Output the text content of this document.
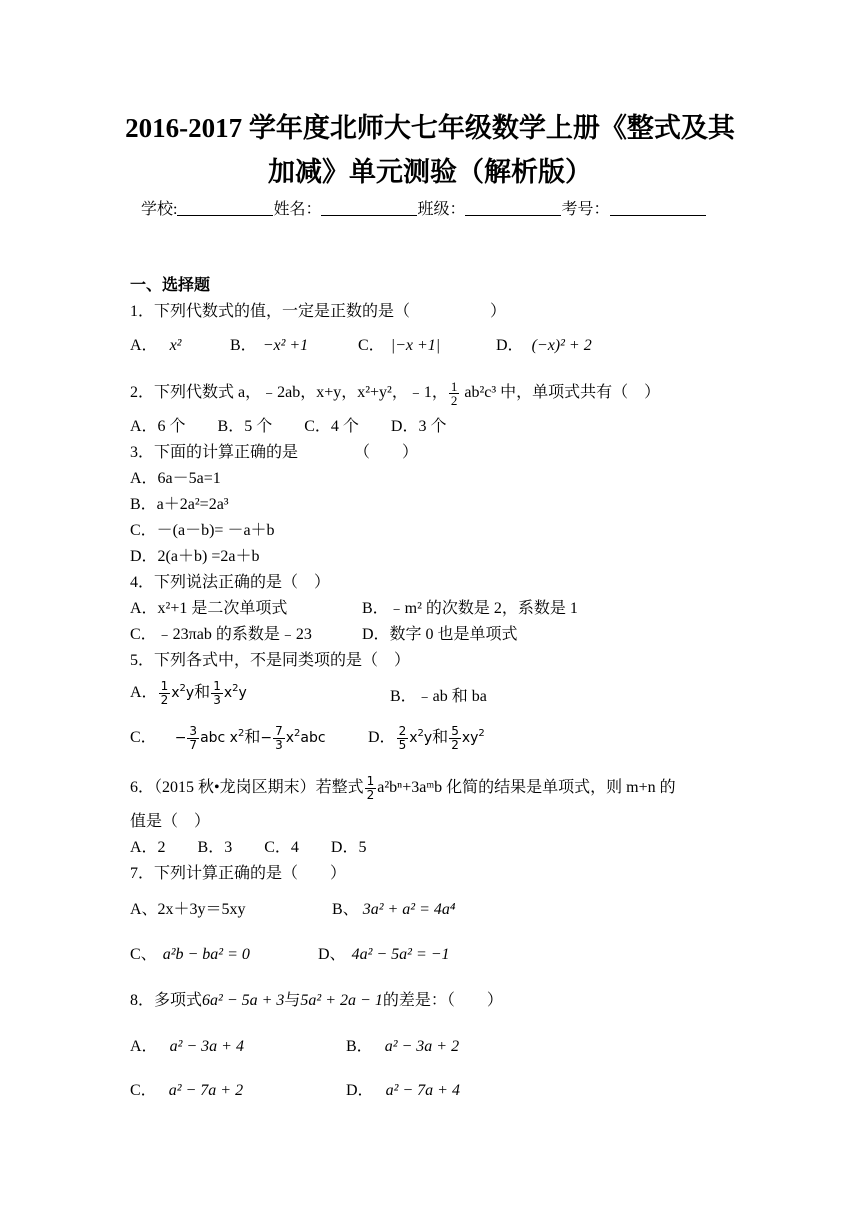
2016-2017 学年度北师大七年级数学上册《整式及其
加减》单元测验（解析版）
学校:	姓名：	班级：	考号：
一、选择题
1．下列代数式的值，一定是正数的是（　　　　　）
A． x²	B． −x² +1	C． |−x +1|	D． (−x)² + 2
2．下列代数式 a，﹣2ab，x+y，x²+y²，﹣1， $\frac{1}{2} ab^2c^3$ 中，单项式共有（　）
A．6 个　　B．5 个　　C．4 个　　D．3 个
3．下面的计算正确的是　　　　（　　）
A．6a－5a=1
B．a＋2a²=2a³
C．－(a－b)= －a＋b
D．2(a＋b) =2a＋b
4．下列说法正确的是（　）
A．x²+1 是二次单项式	B．﹣m² 的次数是 2，系数是 1
C．﹣23πab 的系数是﹣23	D．数字 0 也是单项式
5．下列各式中，不是同类项的是（　）
A． $\frac{1}{2} x^2y$和 $\frac{1}{3} x^2y$	B．﹣ab 和 ba
C． − $\frac{3}{7}$ abc $x^2$和− $\frac{7}{3} x^2abc$	D． $\frac{2}{5} x^2y$和 $\frac{5}{2} xy^2$
6．（2015 秋•龙岗区期末）若整式 $\frac{1}{2}$ a²bⁿ+3aᵐb 化简的结果是单项式，则 m+n 的
值是（　）
A．2　　B．3　　C．4　　D．5
7．下列计算正确的是（　　）
A、2x＋3y＝5xy	B、 3a² + a² = 4a⁴
C、 a²b − ba² = 0	D、 4a² − 5a² = −1
8．多项式6a² − 5a + 3与5a² + 2a − 1的差是：（　　）
A． a² − 3a + 4	B． a² − 3a + 2
C． a² − 7a + 2	D． a² − 7a + 4
